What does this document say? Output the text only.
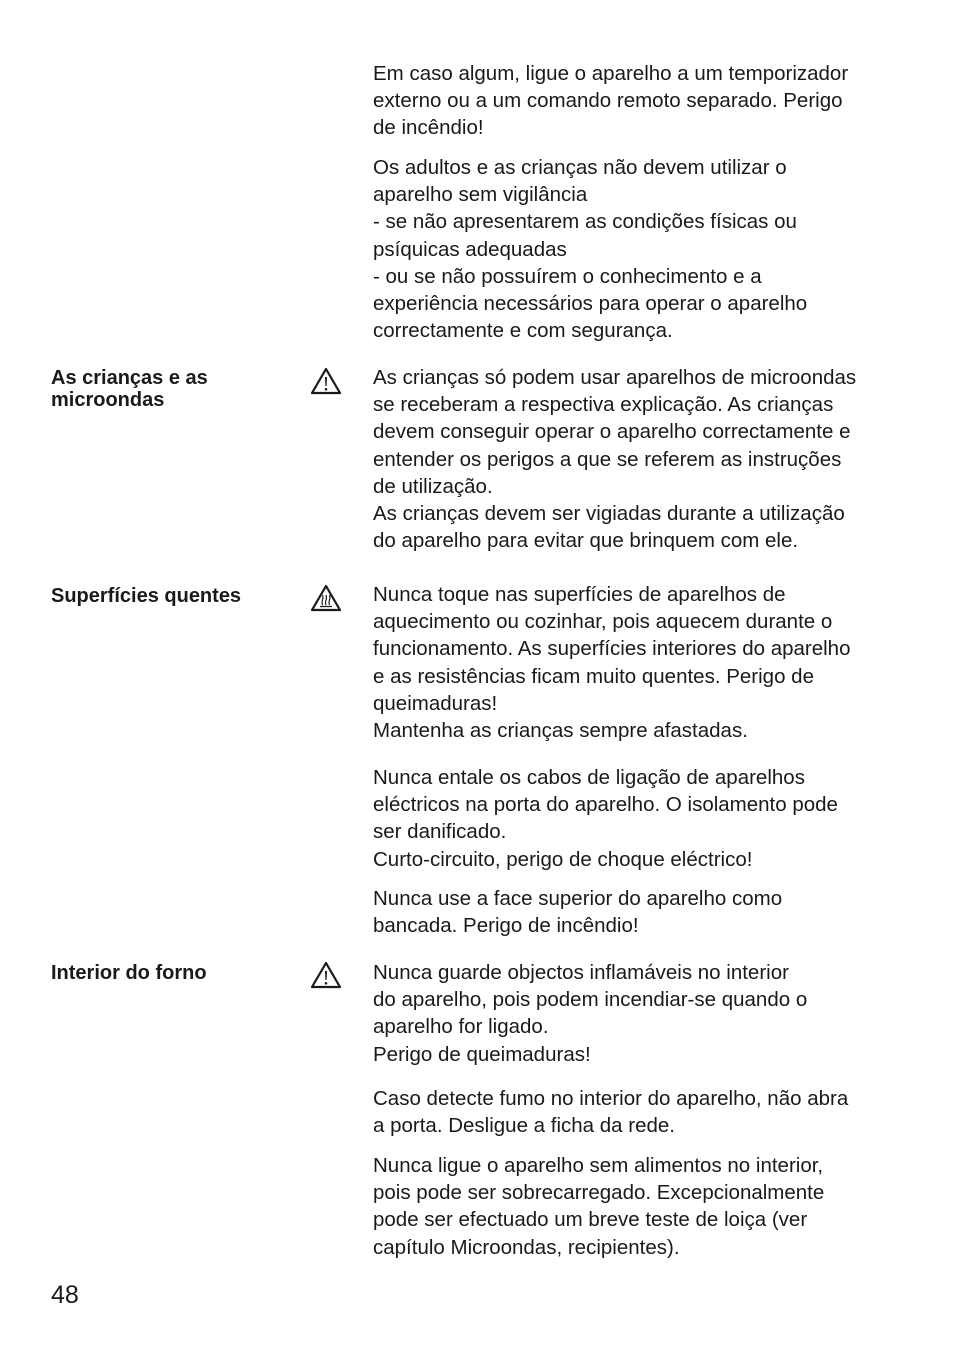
Em caso algum, ligue o aparelho a um temporizador
externo ou a um comando remoto separado. Perigo
de incêndio!

Os adultos e as crianças não devem utilizar o
aparelho sem vigilância
- se não apresentarem as condições físicas ou
psíquicas adequadas
- ou se não possuírem o conhecimento e a
experiência necessários para operar o aparelho
correctamente e com segurança.

As crianças e as
microondas

As crianças só podem usar aparelhos de microondas
se receberam a respectiva explicação. As crianças
devem conseguir operar o aparelho correctamente e
entender os perigos a que se referem as instruções
de utilização.
As crianças devem ser vigiadas durante a utilização
do aparelho para evitar que brinquem com ele.

Superfícies quentes	Nunca toque nas superfícies de aparelhos de
aquecimento ou cozinhar, pois aquecem durante o
funcionamento. As superfícies interiores do aparelho
e as resistências ficam muito quentes. Perigo de
queimaduras!
Mantenha as crianças sempre afastadas.

Nunca entale os cabos de ligação de aparelhos
eléctricos na porta do aparelho. O isolamento pode
ser danificado.
Curto-circuito, perigo de choque eléctrico!

Nunca use a face superior do aparelho como
bancada. Perigo de incêndio!

Interior do forno	Nunca guarde objectos inflamáveis no interior
do aparelho, pois podem incendiar-se quando o
aparelho for ligado.
Perigo de queimaduras!

Caso detecte fumo no interior do aparelho, não abra
a porta. Desligue a ficha da rede.

Nunca ligue o aparelho sem alimentos no interior,
pois pode ser sobrecarregado. Excepcionalmente
pode ser efectuado um breve teste de loiça (ver
capítulo Microondas, recipientes).

48
